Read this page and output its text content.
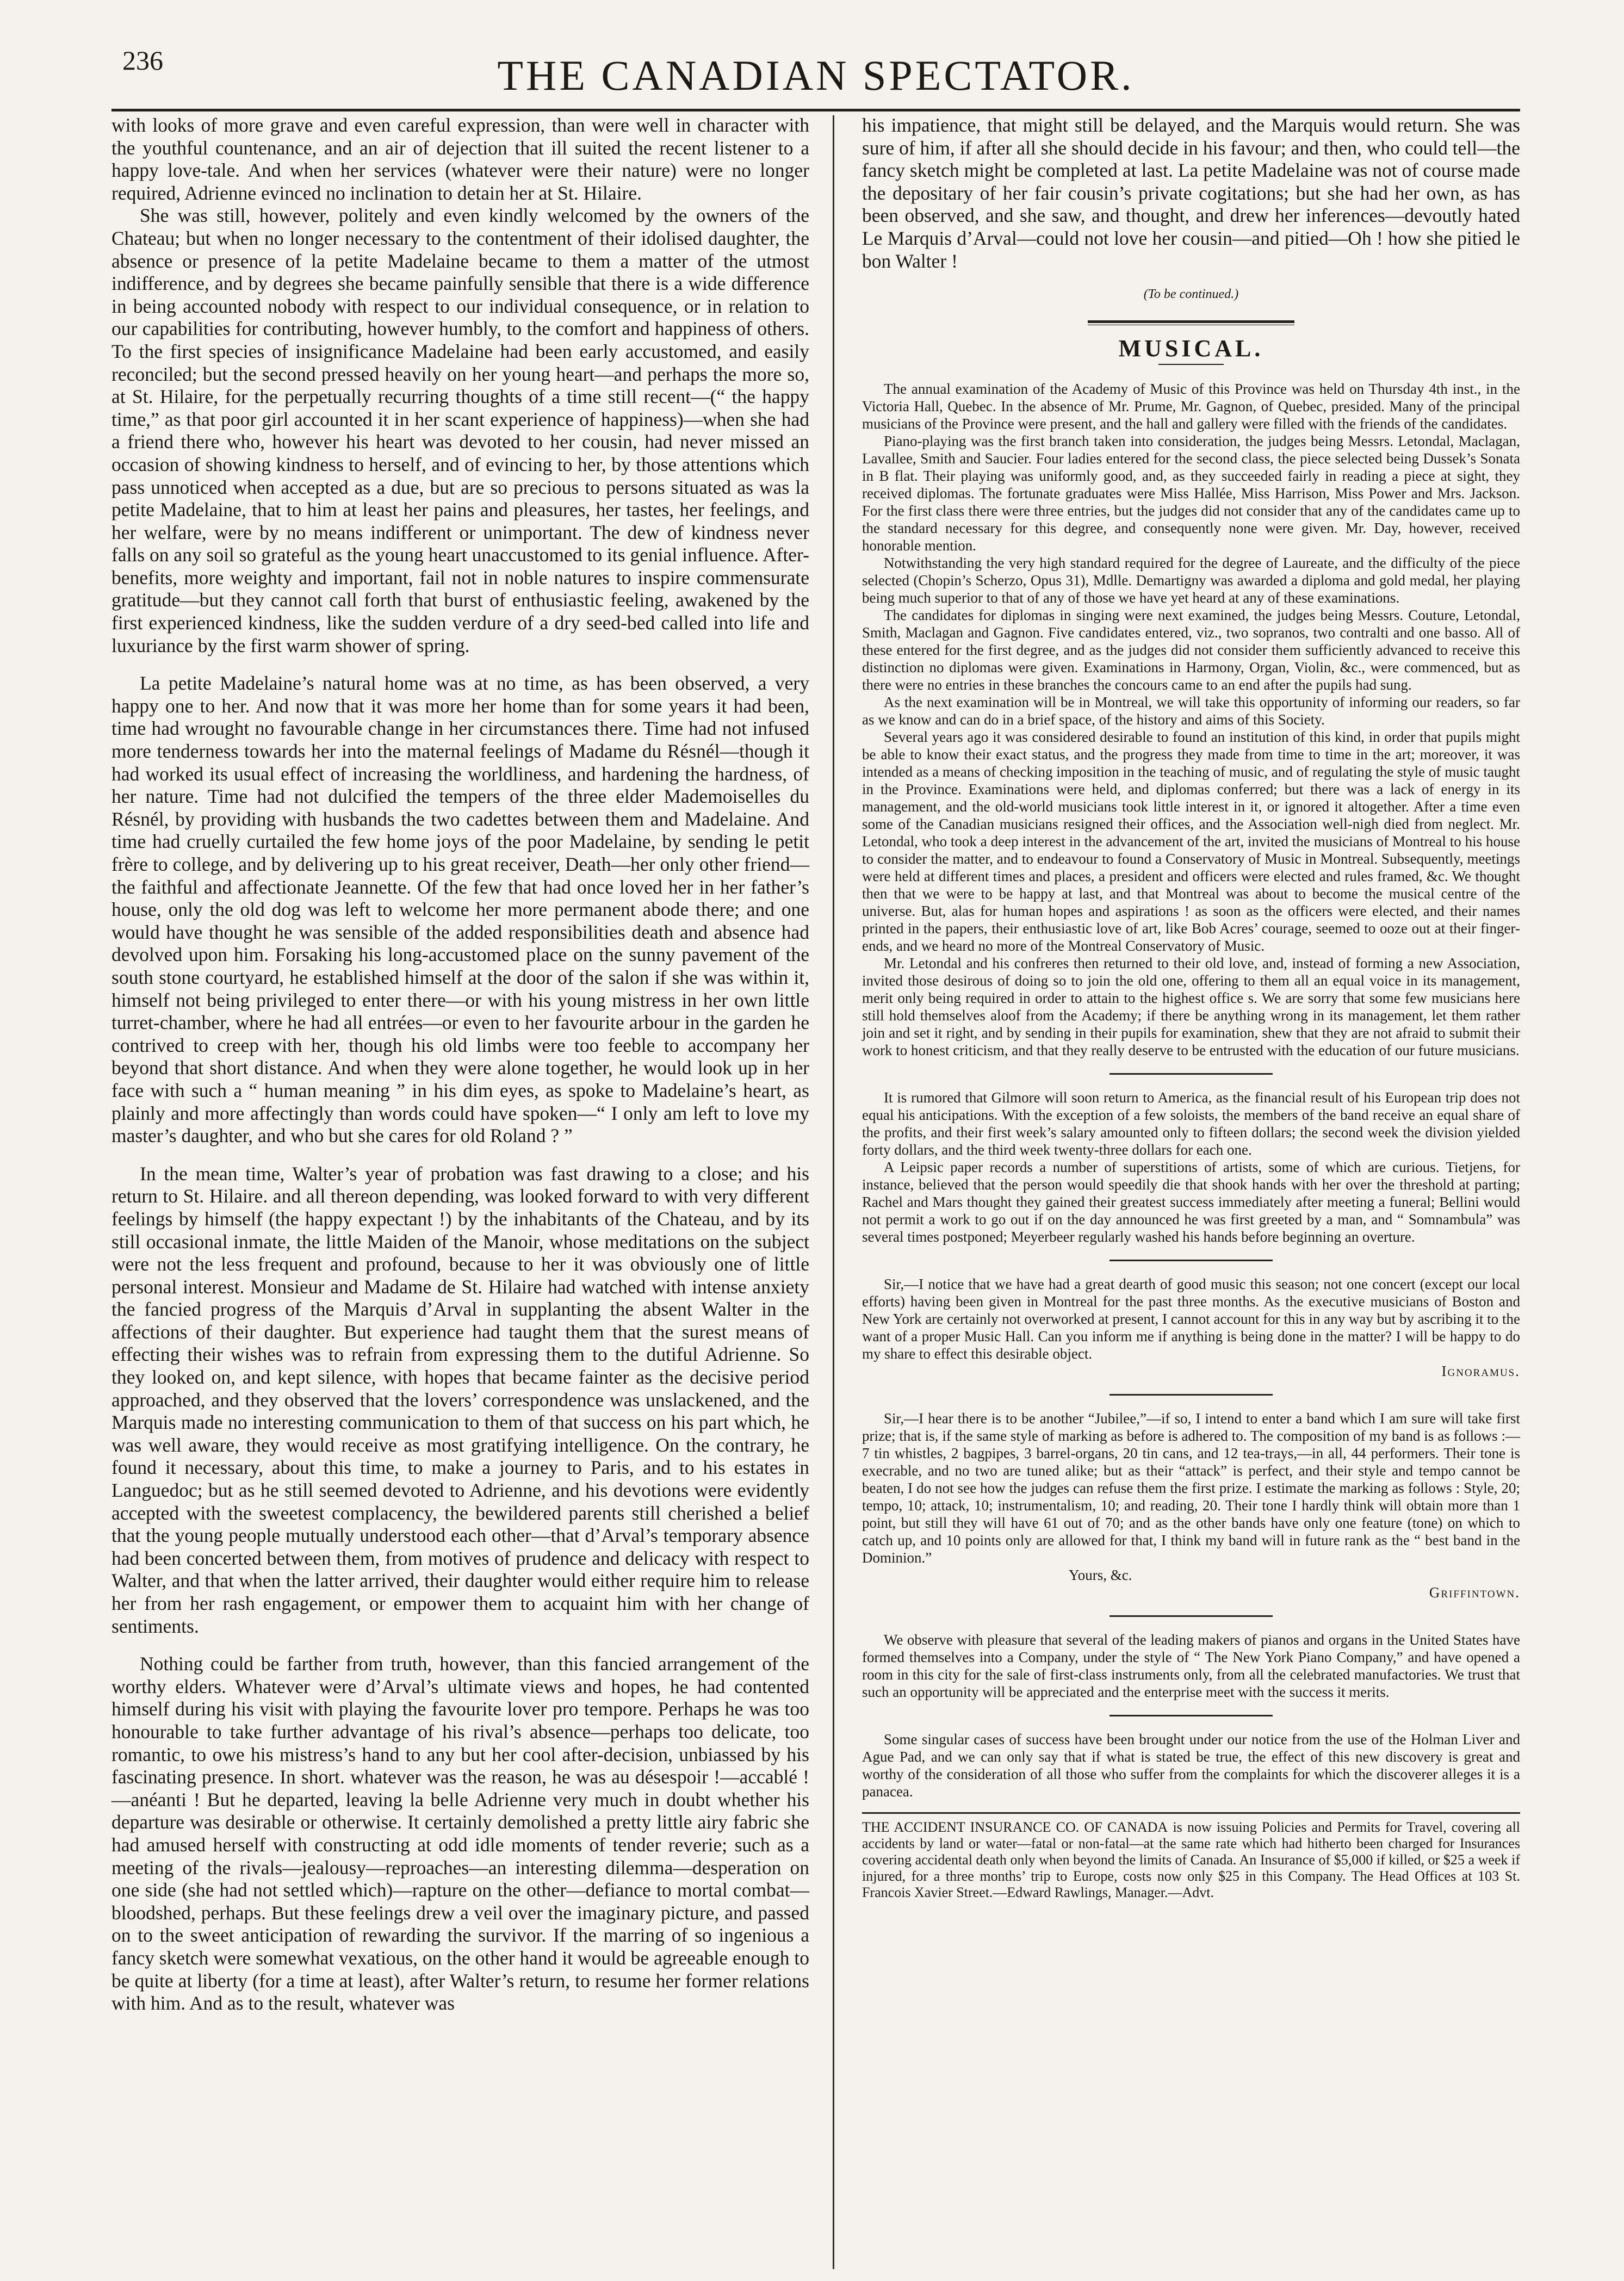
236	THE CANADIAN SPECTATOR.

with looks of more grave and even careful expression, than were well in character with the youthful countenance, and an air of dejection that ill suited the recent listener to a happy love-tale. And when her services (whatever were their nature) were no longer required, Adrienne evinced no inclination to detain her at St. Hilaire.

She was still, however, politely and even kindly welcomed by the owners of the Chateau; but when no longer necessary to the contentment of their idolised daughter, the absence or presence of la petite Madelaine became to them a matter of the utmost indifference, and by degrees she became painfully sensible that there is a wide difference in being accounted nobody with respect to our individual consequence, or in relation to our capabilities for contributing, however humbly, to the comfort and happiness of others. To the first species of insignificance Madelaine had been early accustomed, and easily reconciled; but the second pressed heavily on her young heart—and perhaps the more so, at St. Hilaire, for the perpetually recurring thoughts of a time still recent—(“ the happy time,” as that poor girl accounted it in her scant experience of happiness)—when she had a friend there who, however his heart was devoted to her cousin, had never missed an occasion of showing kindness to herself, and of evincing to her, by those attentions which pass unnoticed when accepted as a due, but are so precious to persons situated as was la petite Madelaine, that to him at least her pains and pleasures, her tastes, her feelings, and her welfare, were by no means indifferent or unimportant. The dew of kindness never falls on any soil so grateful as the young heart unaccustomed to its genial influence. After-benefits, more weighty and important, fail not in noble natures to inspire commensurate gratitude—but they cannot call forth that burst of enthusiastic feeling, awakened by the first experienced kindness, like the sudden verdure of a dry seed-bed called into life and luxuriance by the first warm shower of spring.

La petite Madelaine’s natural home was at no time, as has been observed, a very happy one to her. And now that it was more her home than for some years it had been, time had wrought no favourable change in her circumstances there. Time had not infused more tenderness towards her into the maternal feelings of Madame du Résnél—though it had worked its usual effect of increasing the worldliness, and hardening the hardness, of her nature. Time had not dulcified the tempers of the three elder Mademoiselles du Résnél, by providing with husbands the two cadettes between them and Madelaine. And time had cruelly curtailed the few home joys of the poor Madelaine, by sending le petit frère to college, and by delivering up to his great receiver, Death—her only other friend—the faithful and affectionate Jeannette. Of the few that had once loved her in her father’s house, only the old dog was left to welcome her more permanent abode there; and one would have thought he was sensible of the added responsibilities death and absence had devolved upon him. Forsaking his long-accustomed place on the sunny pavement of the south stone courtyard, he established himself at the door of the salon if she was within it, himself not being privileged to enter there—or with his young mistress in her own little turret-chamber, where he had all entrées—or even to her favourite arbour in the garden he contrived to creep with her, though his old limbs were too feeble to accompany her beyond that short distance. And when they were alone together, he would look up in her face with such a “ human meaning ” in his dim eyes, as spoke to Madelaine’s heart, as plainly and more affectingly than words could have spoken—“ I only am left to love my master’s daughter, and who but she cares for old Roland ? ”

In the mean time, Walter’s year of probation was fast drawing to a close; and his return to St. Hilaire. and all thereon depending, was looked forward to with very different feelings by himself (the happy expectant !) by the inhabitants of the Chateau, and by its still occasional inmate, the little Maiden of the Manoir, whose meditations on the subject were not the less frequent and profound, because to her it was obviously one of little personal interest. Monsieur and Madame de St. Hilaire had watched with intense anxiety the fancied progress of the Marquis d’Arval in supplanting the absent Walter in the affections of their daughter. But experience had taught them that the surest means of effecting their wishes was to refrain from expressing them to the dutiful Adrienne. So they looked on, and kept silence, with hopes that became fainter as the decisive period approached, and they observed that the lovers’ correspondence was unslackened, and the Marquis made no interesting communication to them of that success on his part which, he was well aware, they would receive as most gratifying intelligence. On the contrary, he found it necessary, about this time, to make a journey to Paris, and to his estates in Languedoc; but as he still seemed devoted to Adrienne, and his devotions were evidently accepted with the sweetest complacency, the bewildered parents still cherished a belief that the young people mutually understood each other—that d’Arval’s temporary absence had been concerted between them, from motives of prudence and delicacy with respect to Walter, and that when the latter arrived, their daughter would either require him to release her from her rash engagement, or empower them to acquaint him with her change of sentiments.

Nothing could be farther from truth, however, than this fancied arrangement of the worthy elders. Whatever were d’Arval’s ultimate views and hopes, he had contented himself during his visit with playing the favourite lover pro tempore. Perhaps he was too honourable to take further advantage of his rival’s absence—perhaps too delicate, too romantic, to owe his mistress’s hand to any but her cool after-decision, unbiassed by his fascinating presence. In short. whatever was the reason, he was au désespoir !—accablé !—anéanti ! But he departed, leaving la belle Adrienne very much in doubt whether his departure was desirable or otherwise. It certainly demolished a pretty little airy fabric she had amused herself with constructing at odd idle moments of tender reverie; such as a meeting of the rivals—jealousy—reproaches—an interesting dilemma—desperation on one side (she had not settled which)—rapture on the other—defiance to mortal combat—bloodshed, perhaps. But these feelings drew a veil over the imaginary picture, and passed on to the sweet anticipation of rewarding the survivor. If the marring of so ingenious a fancy sketch were somewhat vexatious, on the other hand it would be agreeable enough to be quite at liberty (for a time at least), after Walter’s return, to resume her former relations with him. And as to the result, whatever was

his impatience, that might still be delayed, and the Marquis would return. She was sure of him, if after all she should decide in his favour; and then, who could tell—the fancy sketch might be completed at last. La petite Madelaine was not of course made the depositary of her fair cousin’s private cogitations; but she had her own, as has been observed, and she saw, and thought, and drew her inferences—devoutly hated Le Marquis d’Arval—could not love her cousin—and pitied—Oh ! how she pitied le bon Walter !

(To be continued.)
MUSICAL.

The annual examination of the Academy of Music of this Province was held on Thursday 4th inst., in the Victoria Hall, Quebec. In the absence of Mr. Prume, Mr. Gagnon, of Quebec, presided. Many of the principal musicians of the Province were present, and the hall and gallery were filled with the friends of the candidates.

Piano-playing was the first branch taken into consideration, the judges being Messrs. Letondal, Maclagan, Lavallee, Smith and Saucier. Four ladies entered for the second class, the piece selected being Dussek’s Sonata in B flat. Their playing was uniformly good, and, as they succeeded fairly in reading a piece at sight, they received diplomas. The fortunate graduates were Miss Hallée, Miss Harrison, Miss Power and Mrs. Jackson. For the first class there were three entries, but the judges did not consider that any of the candidates came up to the standard necessary for this degree, and consequently none were given. Mr. Day, however, received honorable mention.

Notwithstanding the very high standard required for the degree of Laureate, and the difficulty of the piece selected (Chopin’s Scherzo, Opus 31), Mdlle. Demartigny was awarded a diploma and gold medal, her playing being much superior to that of any of those we have yet heard at any of these examinations.

The candidates for diplomas in singing were next examined, the judges being Messrs. Couture, Letondal, Smith, Maclagan and Gagnon. Five candidates entered, viz., two sopranos, two contralti and one basso. All of these entered for the first degree, and as the judges did not consider them sufficiently advanced to receive this distinction no diplomas were given. Examinations in Harmony, Organ, Violin, &c., were commenced, but as there were no entries in these branches the concours came to an end after the pupils had sung.

As the next examination will be in Montreal, we will take this opportunity of informing our readers, so far as we know and can do in a brief space, of the history and aims of this Society.

Several years ago it was considered desirable to found an institution of this kind, in order that pupils might be able to know their exact status, and the progress they made from time to time in the art; moreover, it was intended as a means of checking imposition in the teaching of music, and of regulating the style of music taught in the Province. Examinations were held, and diplomas conferred; but there was a lack of energy in its management, and the old-world musicians took little interest in it, or ignored it altogether. After a time even some of the Canadian musicians resigned their offices, and the Association well-nigh died from neglect. Mr. Letondal, who took a deep interest in the advancement of the art, invited the musicians of Montreal to his house to consider the matter, and to endeavour to found a Conservatory of Music in Montreal. Subsequently, meetings were held at different times and places, a president and officers were elected and rules framed, &c. We thought then that we were to be happy at last, and that Montreal was about to become the musical centre of the universe. But, alas for human hopes and aspirations ! as soon as the officers were elected, and their names printed in the papers, their enthusiastic love of art, like Bob Acres’ courage, seemed to ooze out at their finger-ends, and we heard no more of the Montreal Conservatory of Music.

Mr. Letondal and his confreres then returned to their old love, and, instead of forming a new Association, invited those desirous of doing so to join the old one, offering to them all an equal voice in its management, merit only being required in order to attain to the highest office s. We are sorry that some few musicians here still hold themselves aloof from the Academy; if there be anything wrong in its management, let them rather join and set it right, and by sending in their pupils for examination, shew that they are not afraid to submit their work to honest criticism, and that they really deserve to be entrusted with the education of our future musicians.

It is rumored that Gilmore will soon return to America, as the financial result of his European trip does not equal his anticipations. With the exception of a few soloists, the members of the band receive an equal share of the profits, and their first week’s salary amounted only to fifteen dollars; the second week the division yielded forty dollars, and the third week twenty-three dollars for each one.

A Leipsic paper records a number of superstitions of artists, some of which are curious. Tietjens, for instance, believed that the person would speedily die that shook hands with her over the threshold at parting; Rachel and Mars thought they gained their greatest success immediately after meeting a funeral; Bellini would not permit a work to go out if on the day announced he was first greeted by a man, and “ Somnambula” was several times postponed; Meyerbeer regularly washed his hands before beginning an overture.

Sir,—I notice that we have had a great dearth of good music this season; not one concert (except our local efforts) having been given in Montreal for the past three months. As the executive musicians of Boston and New York are certainly not overworked at present, I cannot account for this in any way but by ascribing it to the want of a proper Music Hall. Can you inform me if anything is being done in the matter? I will be happy to do my share to effect this desirable object.

Ignoramus.

Sir,—I hear there is to be another “Jubilee,”—if so, I intend to enter a band which I am sure will take first prize; that is, if the same style of marking as before is adhered to. The composition of my band is as follows :—7 tin whistles, 2 bagpipes, 3 barrel-organs, 20 tin cans, and 12 tea-trays,—in all, 44 performers. Their tone is execrable, and no two are tuned alike; but as their “attack” is perfect, and their style and tempo cannot be beaten, I do not see how the judges can refuse them the first prize. I estimate the marking as follows : Style, 20; tempo, 10; attack, 10; instrumentalism, 10; and reading, 20. Their tone I hardly think will obtain more than 1 point, but still they will have 61 out of 70; and as the other bands have only one feature (tone) on which to catch up, and 10 points only are allowed for that, I think my band will in future rank as the “ best band in the Dominion.”

Yours, &c.
Griffintown.

We observe with pleasure that several of the leading makers of pianos and organs in the United States have formed themselves into a Company, under the style of “ The New York Piano Company,” and have opened a room in this city for the sale of first-class instruments only, from all the celebrated manufactories. We trust that such an opportunity will be appreciated and the enterprise meet with the success it merits.

Some singular cases of success have been brought under our notice from the use of the Holman Liver and Ague Pad, and we can only say that if what is stated be true, the effect of this new discovery is great and worthy of the consideration of all those who suffer from the complaints for which the discoverer alleges it is a panacea.

THE ACCIDENT INSURANCE CO. OF CANADA is now issuing Policies and Permits for Travel, covering all accidents by land or water—fatal or non-fatal—at the same rate which had hitherto been charged for Insurances covering accidental death only when beyond the limits of Canada. An Insurance of $5,000 if killed, or $25 a week if injured, for a three months’ trip to Europe, costs now only $25 in this Company. The Head Offices at 103 St. Francois Xavier Street.—Edward Rawlings, Manager.—Advt.
